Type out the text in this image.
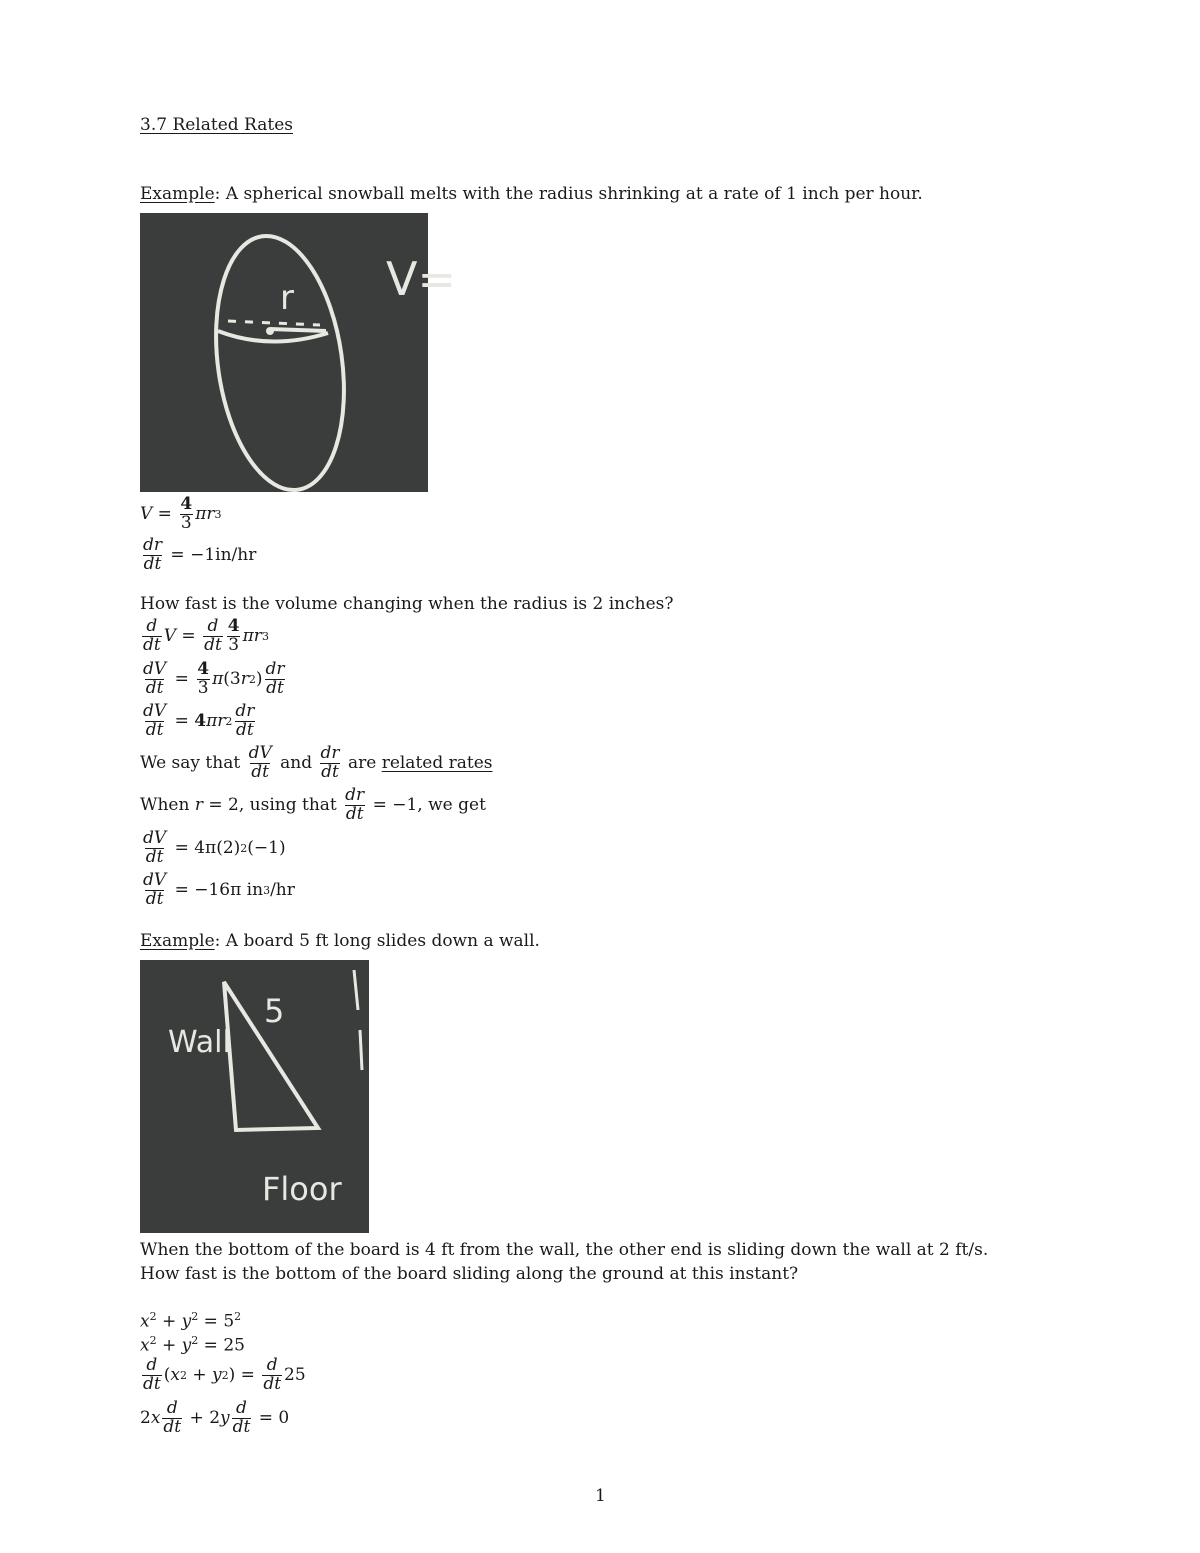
3.7 Related Rates
Example: A spherical snowball melts with the radius shrinking at a rate of 1 inch per hour.
r V=
$V = \frac{4}{3}$ πr 3
$\frac{dr}{dt}$
= −1in/hr
How fast is the volume changing when the radius is 2 inches?
$\frac{d}{dt}$ $V = \frac{d}{dt} \frac{4}{3}$ πr 3
$\frac{dV}{dt} = \frac{4}{3}$ π (3 r 2 ) $\frac{dr}{dt}$
$\frac{dV}{dt} = 4$ πr $2 \frac{dr}{dt}$
We say that
$\frac{dV}{dt}$
and
$\frac{dr}{dt}$
are
related rates
When
r
= 2, using that
$\frac{dr}{dt}$
= −1, we get
$\frac{dV}{dt}$
= 4π(2) 2 (−1)
$\frac{dV}{dt}$
= −16π in 3 /hr
Example: A board 5 ft long slides down a wall.
Wall
5
Floor
When the bottom of the board is 4 ft from the wall, the other end is sliding down the wall at 2 ft/s.
How fast is the bottom of the board sliding along the ground at this instant?
$x^2 + y^2 = 5^2$
$x^2 + y^2 = 25$
$\frac{d}{dt}$ ( x 2 + y 2 ) = $\frac{d}{dt} 25$
2 x $\frac{d}{dt} + 2$ y $\frac{d}{dt}$
= 0
1
